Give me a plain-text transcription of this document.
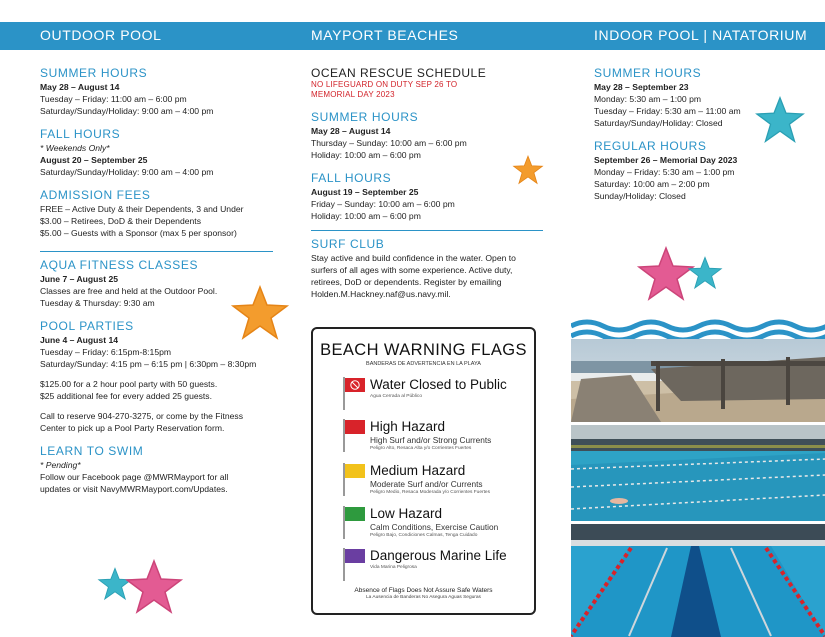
OUTDOOR POOL	MAYPORT BEACHES	INDOOR POOL | NATATORIUM
SUMMER HOURS
May 28 – August 14
Tuesday – Friday: 11:00 am – 6:00 pm
Saturday/Sunday/Holiday: 9:00 am – 4:00 pm
FALL HOURS
* Weekends Only*
August 20 – September 25
Saturday/Sunday/Holiday: 9:00 am – 4:00 pm
ADMISSION FEES
FREE – Active Duty & their Dependents, 3 and Under
$3.00 – Retirees, DoD & their Dependents
$5.00 – Guests with a Sponsor (max 5 per sponsor)
AQUA FITNESS CLASSES
June 7 – August 25
Classes are free and held at the Outdoor Pool.
Tuesday & Thursday: 9:30 am
POOL PARTIES
June 4 – August 14
Tuesday – Friday: 6:15pm-8:15pm
Saturday/Sunday: 4:15 pm – 6:15 pm | 6:30pm – 8:30pm
$125.00 for a 2 hour pool party with 50 guests.
$25 additional fee for every added 25 guests.
Call to reserve 904-270-3275, or come by the Fitness
Center to pick up a Pool Party Reservation form.
LEARN TO SWIM
* Pending*
Follow our Facebook page @MWRMayport for all
updates or visit NavyMWRMayport.com/Updates.
OCEAN RESCUE SCHEDULE
NO LIFEGUARD ON DUTY SEP 26 TO
MEMORIAL DAY 2023
SUMMER HOURS
May 28 – August 14
Thursday – Sunday: 10:00 am – 6:00 pm
Holiday: 10:00 am – 6:00 pm
FALL HOURS
August 19 – September 25
Friday – Sunday: 10:00 am – 6:00 pm
Holiday: 10:00 am – 6:00 pm
SURF CLUB
Stay active and build confidence in the water. Open to
surfers of all ages with some experience. Active duty,
retirees, DoD or dependents. Register by emailing
Holden.M.Hackney.naf@us.navy.mil.
BEACH WARNING FLAGS
BANDERAS DE ADVERTENCIA EN LA PLAYA
Water Closed to Public
Agua Cerrada al Público
High Hazard
High Surf and/or Strong Currents
Peligro Alto, Resaca Alta y/o Corrientes Fuertes
Medium Hazard
Moderate Surf and/or Currents
Peligro Medio, Resaca Moderada y/o Corrientes Fuertes
Low Hazard
Calm Conditions, Exercise Caution
Peligro Bajo, Condiciones Calmas, Tenga Cuidado
Dangerous Marine Life
Vida Marina Peligrosa
Absence of Flags Does Not Assure Safe Waters
La Ausencia de Banderas No Asegura Aguas Seguras
SUMMER HOURS
May 28 – September 23
Monday: 5:30 am – 1:00 pm
Tuesday – Friday: 5:30 am – 11:00 am
Saturday/Sunday/Holiday: Closed
REGULAR HOURS
September 26 – Memorial Day 2023
Monday – Friday: 5:30 am – 1:00 pm
Saturday: 10:00 am – 2:00 pm
Sunday/Holiday: Closed
